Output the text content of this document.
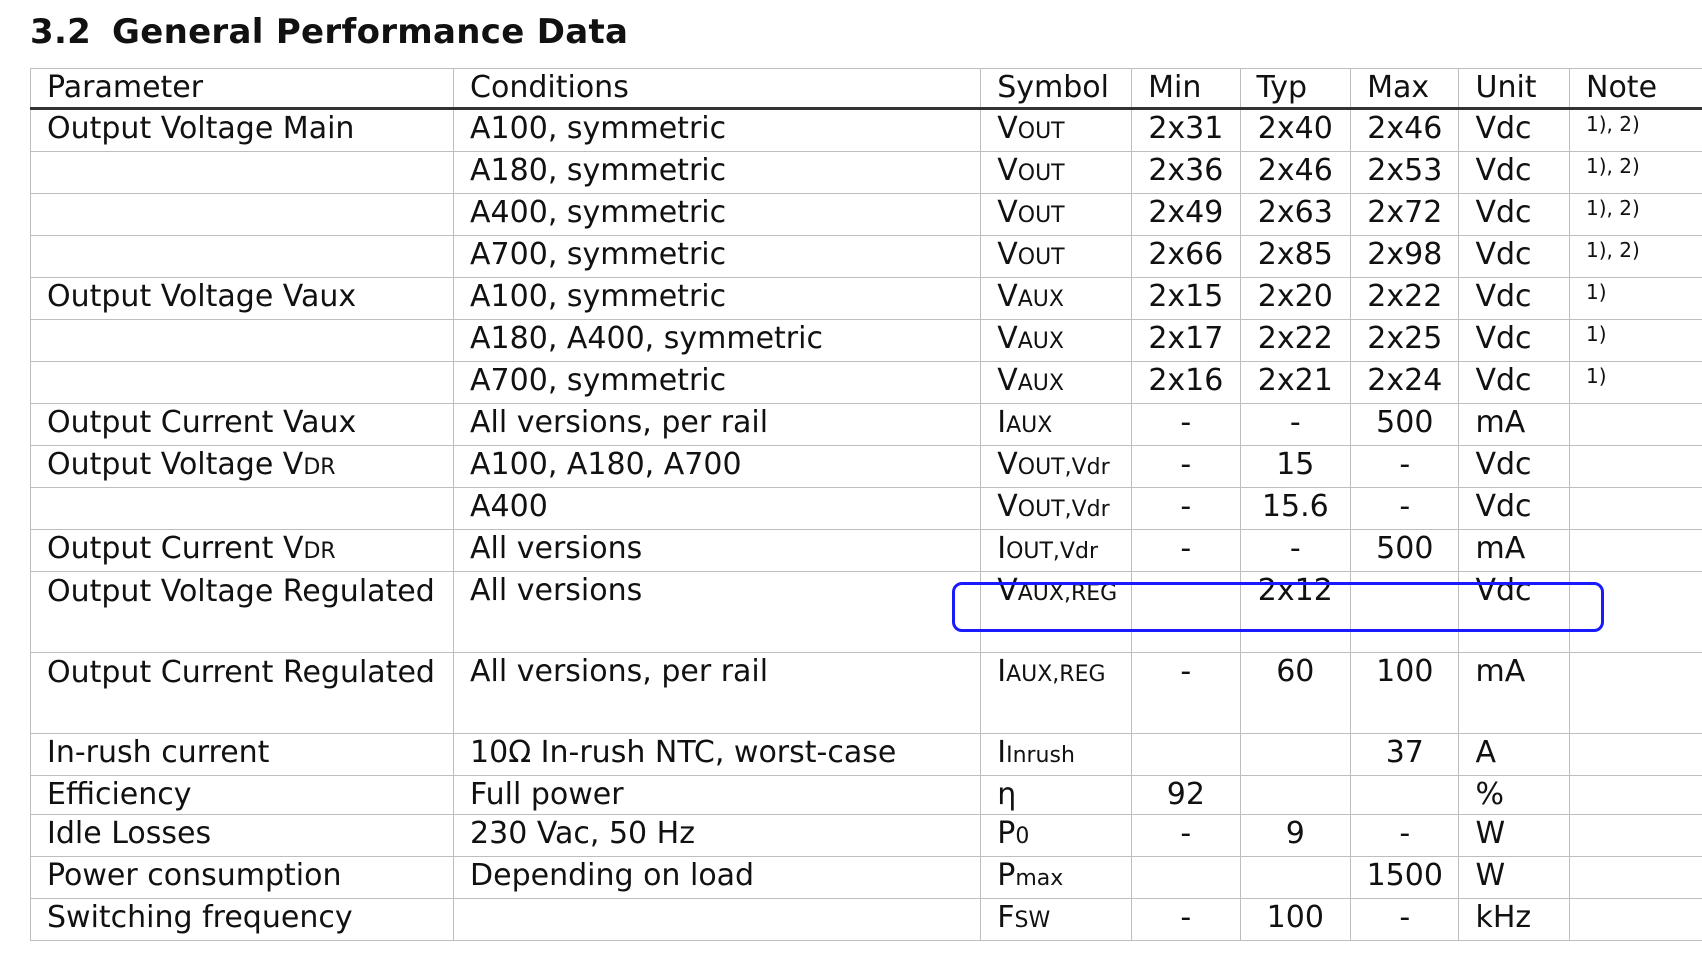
3.2 General Performance Data
Parameter	Conditions	Symbol	Min	Typ	Max	Unit	Note
Output Voltage Main	A100, symmetric	VOUT	2x31	2x40	2x46	Vdc	1), 2)
	A180, symmetric	VOUT	2x36	2x46	2x53	Vdc	1), 2)
	A400, symmetric	VOUT	2x49	2x63	2x72	Vdc	1), 2)
	A700, symmetric	VOUT	2x66	2x85	2x98	Vdc	1), 2)
Output Voltage Vaux	A100, symmetric	VAUX	2x15	2x20	2x22	Vdc	1)
	A180, A400, symmetric	VAUX	2x17	2x22	2x25	Vdc	1)
	A700, symmetric	VAUX	2x16	2x21	2x24	Vdc	1)
Output Current Vaux	All versions, per rail	IAUX	-	-	500	mA	
Output Voltage VDR	A100, A180, A700	VOUT,Vdr	-	15	-	Vdc	
	A400	VOUT,Vdr	-	15.6	-	Vdc	
Output Current VDR	All versions	IOUT,Vdr	-	-	500	mA	
Output Voltage Regulated	All versions	VAUX,REG		2x12		Vdc	
Output Current Regulated	All versions, per rail	IAUX,REG	-	60	100	mA	
In-rush current	10Ω In-rush NTC, worst-case	IInrush			37	A	
Efficiency	Full power	η	92			%	
Idle Losses	230 Vac, 50 Hz	P0	-	9	-	W	
Power consumption	Depending on load	Pmax			1500	W	
Switching frequency		FSW	-	100	-	kHz	
